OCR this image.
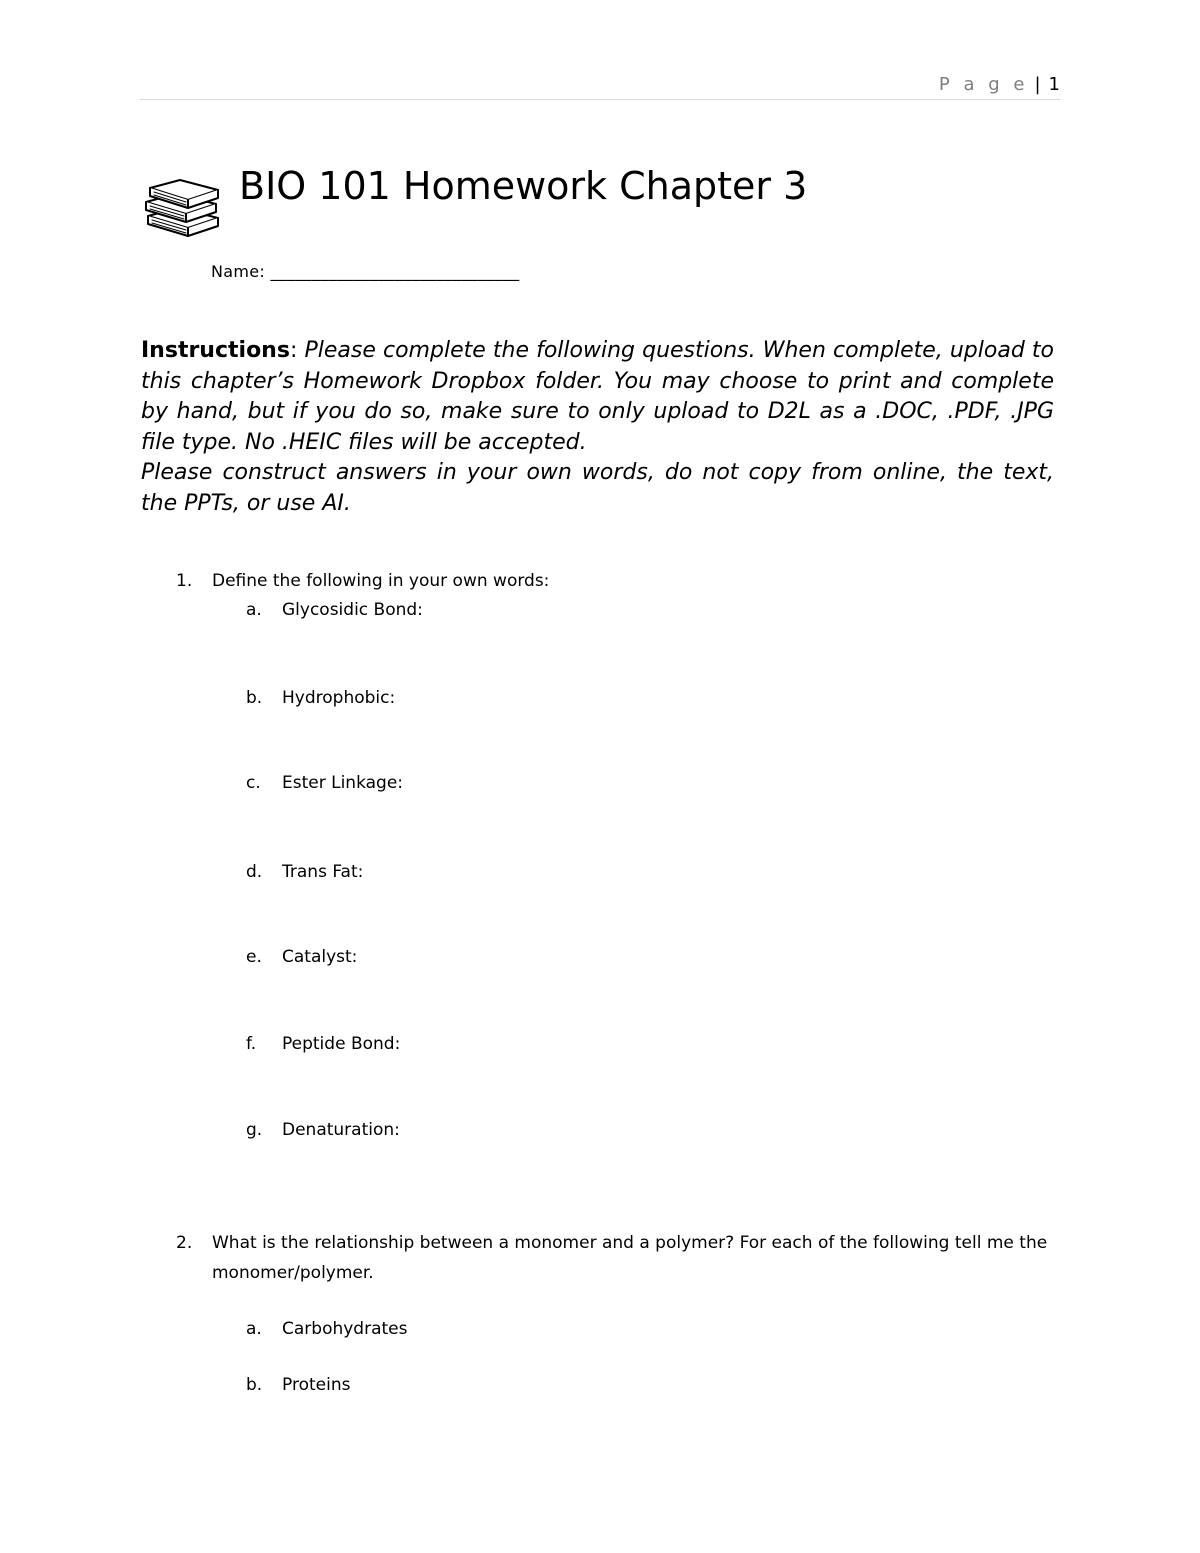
P a g e | 1
BIO 101 Homework Chapter 3
Name: ______________________________

Instructions: Please complete the following questions. When complete, upload to this chapter’s Homework Dropbox folder. You may choose to print and complete by hand, but if you do so, make sure to only upload to D2L as a .DOC, .PDF, .JPG file type. No .HEIC files will be accepted.
Please construct answers in your own words, do not copy from online, the text, the PPTs, or use AI.

1.	Define the following in your own words:
a. Glycosidic Bond:
b. Hydrophobic:
c. Ester Linkage:
d. Trans Fat:
e. Catalyst:
f. Peptide Bond:
g. Denaturation:
2.	What is the relationship between a monomer and a polymer? For each of the following tell me the monomer/polymer.
a. Carbohydrates
b. Proteins
